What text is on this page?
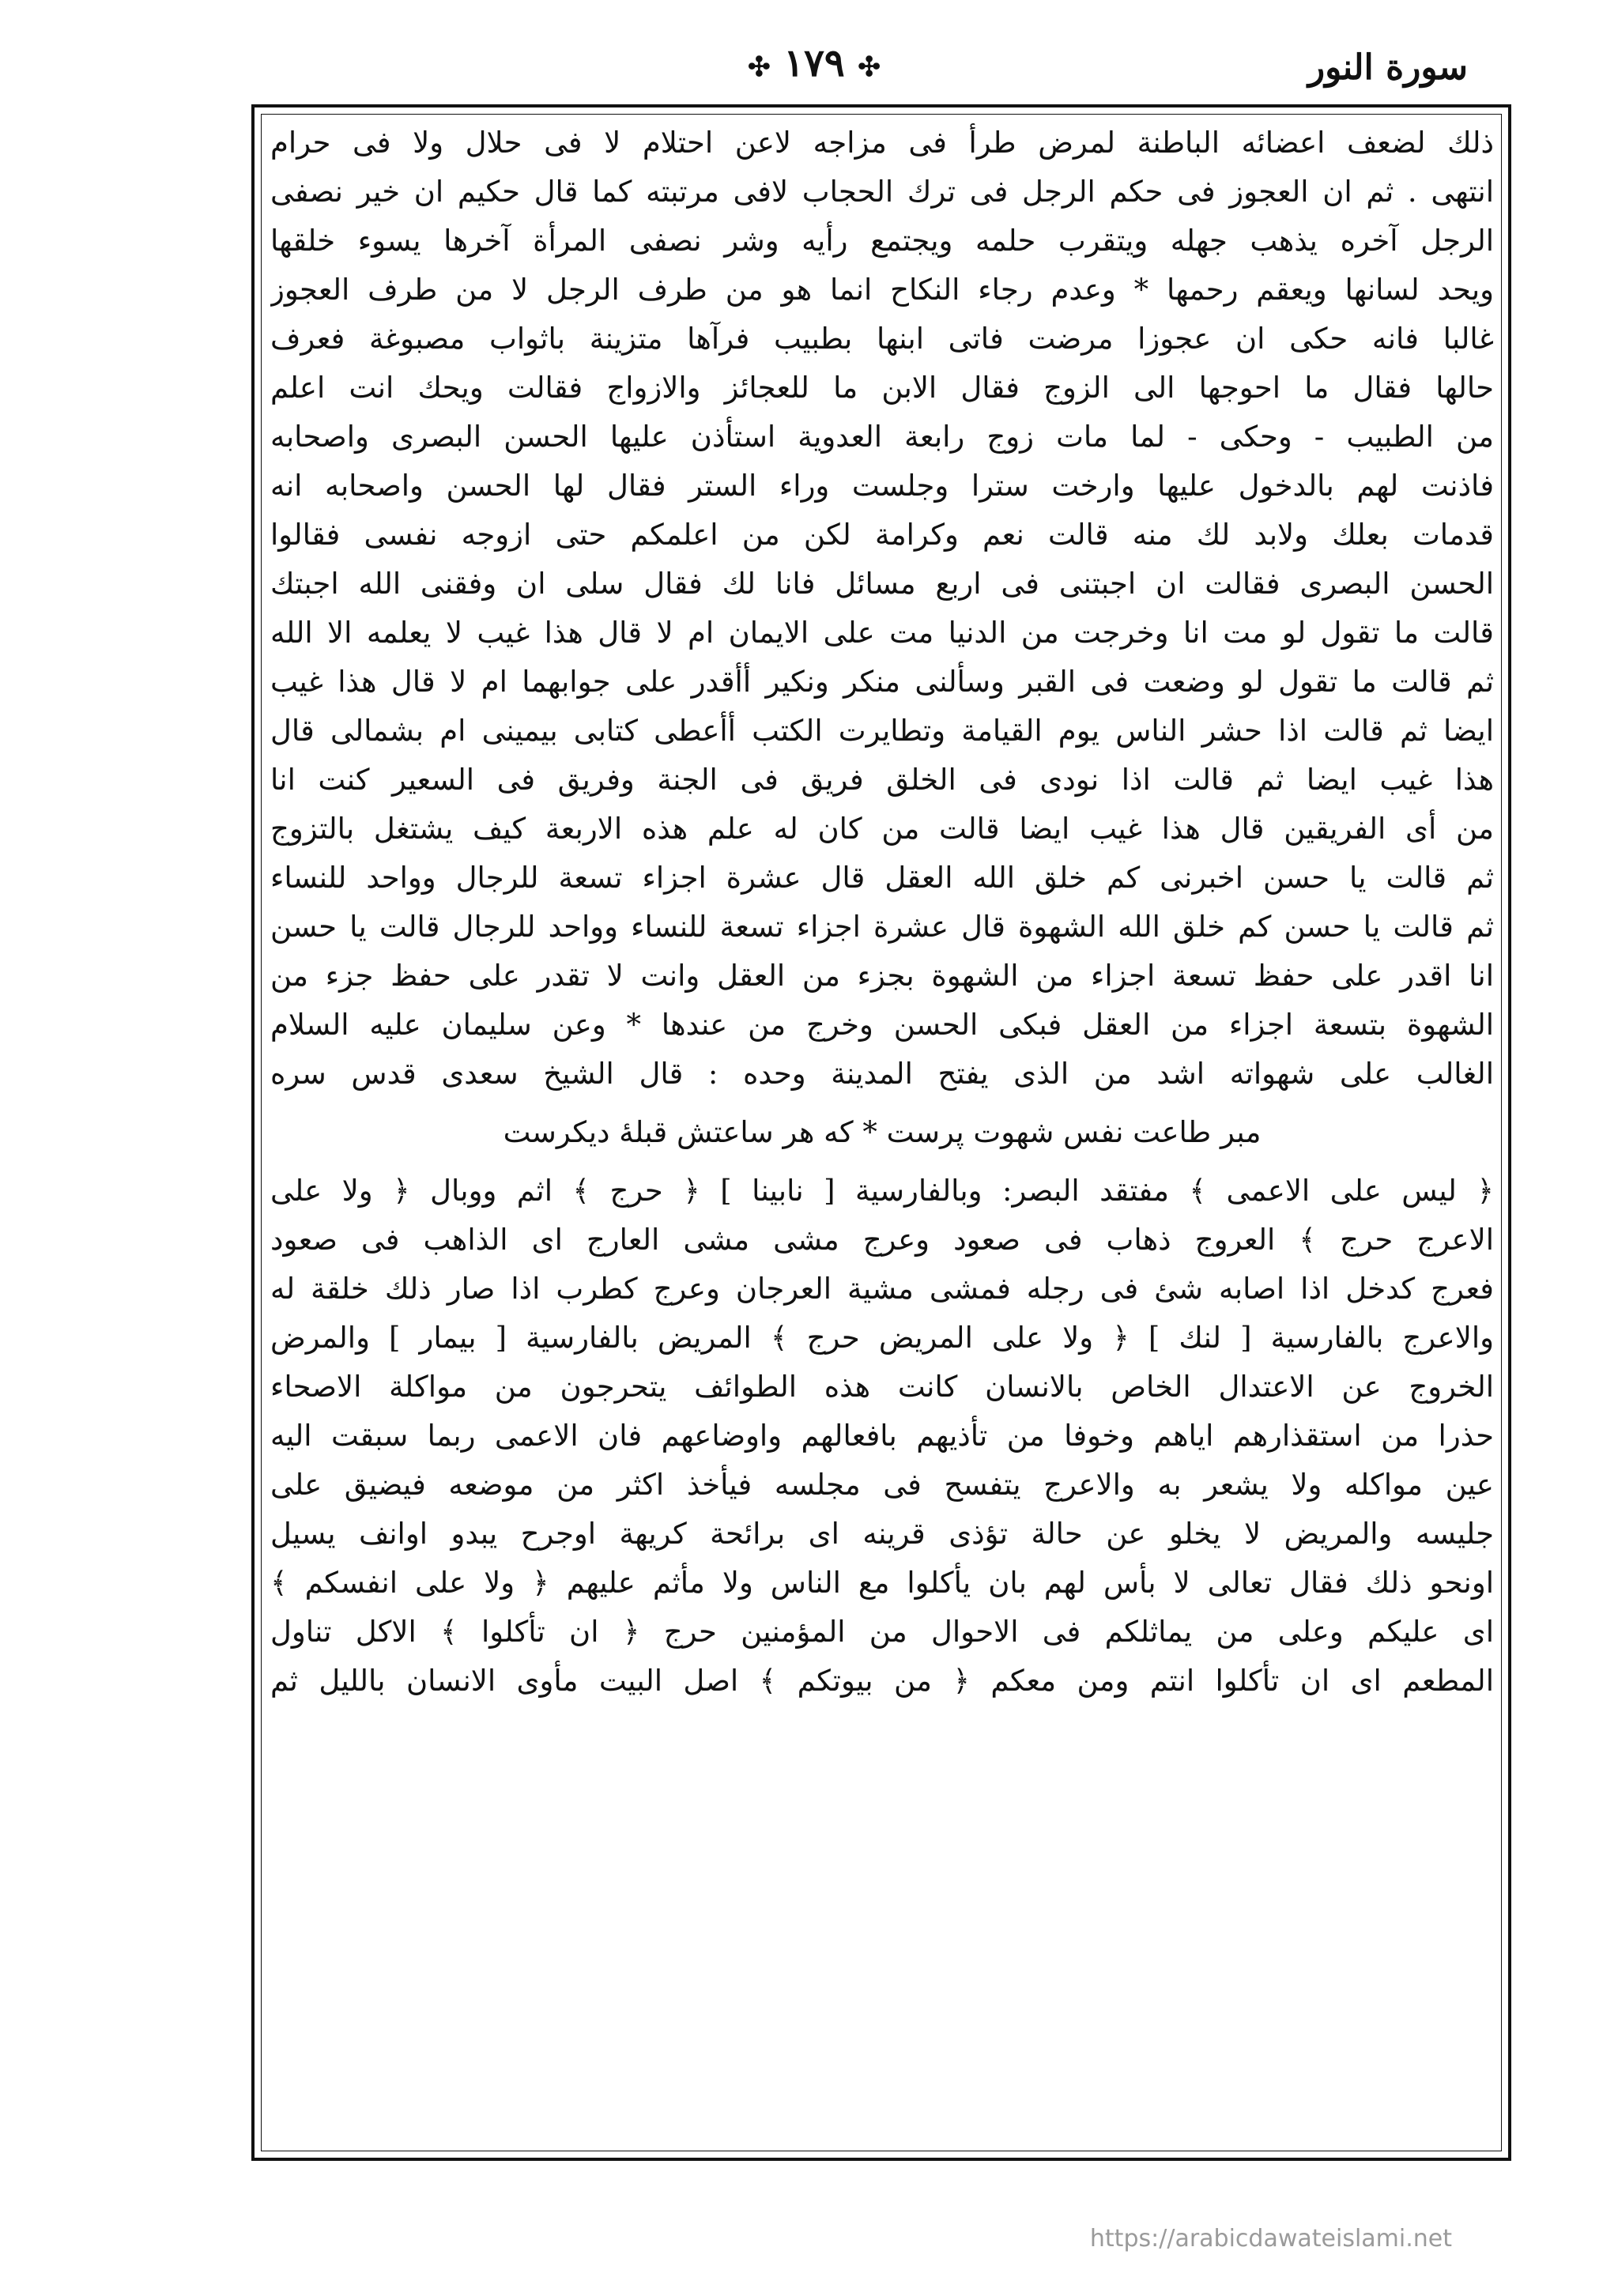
سورة النور
✣ ١٧٩ ✣
ذلك لضعف اعضائه الباطنة لمرض طرأ فى مزاجه لاعن احتلام لا فى حلال ولا فى حرام
انتهى . ثم ان العجوز فى حكم الرجل فى ترك الحجاب لافى مرتبته كما قال حكيم ان خير نصفى
الرجل آخره يذهب جهله ويتقرب حلمه ويجتمع رأيه وشر نصفى المرأة آخرها يسوء خلقها
ويحد لسانها ويعقم رحمها * وعدم رجاء النكاح انما هو من طرف الرجل لا من طرف العجوز
غالبا فانه حكى ان عجوزا مرضت فاتى ابنها بطبيب فرآها متزينة باثواب مصبوغة فعرف
حالها فقال ما احوجها الى الزوج فقال الابن ما للعجائز والازواج فقالت ويحك انت اعلم
من الطبيب - وحكى - لما مات زوج رابعة العدوية استأذن عليها الحسن البصرى واصحابه
فاذنت لهم بالدخول عليها وارخت سترا وجلست وراء الستر فقال لها الحسن واصحابه انه
قدمات بعلك ولابد لك منه قالت نعم وكرامة لكن من اعلمكم حتى ازوجه نفسى فقالوا
الحسن البصرى فقالت ان اجبتنى فى اربع مسائل فانا لك فقال سلى ان وفقنى الله اجبتك
قالت ما تقول لو مت انا وخرجت من الدنيا مت على الايمان ام لا قال هذا غيب لا يعلمه الا الله
ثم قالت ما تقول لو وضعت فى القبر وسألنى منكر ونكير أأقدر على جوابهما ام لا قال هذا غيب
ايضا ثم قالت اذا حشر الناس يوم القيامة وتطايرت الكتب أأعطى كتابى بيمينى ام بشمالى قال
هذا غيب ايضا ثم قالت اذا نودى فى الخلق فريق فى الجنة وفريق فى السعير كنت انا
من أى الفريقين قال هذا غيب ايضا قالت من كان له علم هذه الاربعة كيف يشتغل بالتزوج
ثم قالت يا حسن اخبرنى كم خلق الله العقل قال عشرة اجزاء تسعة للرجال وواحد للنساء
ثم قالت يا حسن كم خلق الله الشهوة قال عشرة اجزاء تسعة للنساء وواحد للرجال قالت يا حسن
انا اقدر على حفظ تسعة اجزاء من الشهوة بجزء من العقل وانت لا تقدر على حفظ جزء من
الشهوة بتسعة اجزاء من العقل فبكى الحسن وخرج من عندها * وعن سليمان عليه السلام
الغالب على شهواته اشد من الذى يفتح المدينة وحده : قال الشيخ سعدى قدس سره
مبر طاعت نفس شهوت پرست * كه هر ساعتش قبلهٔ ديكرست
﴿ ليس على الاعمى ﴾ مفتقد البصر: وبالفارسية [ نابينا ] ﴿ حرج ﴾ اثم ووبال ﴿ ولا على
الاعرج حرج ﴾ العروج ذهاب فى صعود وعرج مشى مشى العارج اى الذاهب فى صعود
فعرج كدخل اذا اصابه شئ فى رجله فمشى مشية العرجان وعرج كطرب اذا صار ذلك خلقة له
والاعرج بالفارسية [ لنك ] ﴿ ولا على المريض حرج ﴾ المريض بالفارسية [ بيمار ] والمرض
الخروج عن الاعتدال الخاص بالانسان كانت هذه الطوائف يتحرجون من مواكلة الاصحاء
حذرا من استقذارهم اياهم وخوفا من تأذيهم بافعالهم واوضاعهم فان الاعمى ربما سبقت اليه
عين مواكله ولا يشعر به والاعرج يتفسح فى مجلسه فيأخذ اكثر من موضعه فيضيق على
جليسه والمريض لا يخلو عن حالة تؤذى قرينه اى برائحة كريهة اوجرح يبدو اوانف يسيل
اونحو ذلك فقال تعالى لا بأس لهم بان يأكلوا مع الناس ولا مأثم عليهم ﴿ ولا على انفسكم ﴾
اى عليكم وعلى من يماثلكم فى الاحوال من المؤمنين حرج ﴿ ان تأكلوا ﴾ الاكل تناول
المطعم اى ان تأكلوا انتم ومن معكم ﴿ من بيوتكم ﴾ اصل البيت مأوى الانسان بالليل ثم
https://arabicdawateislami.net
